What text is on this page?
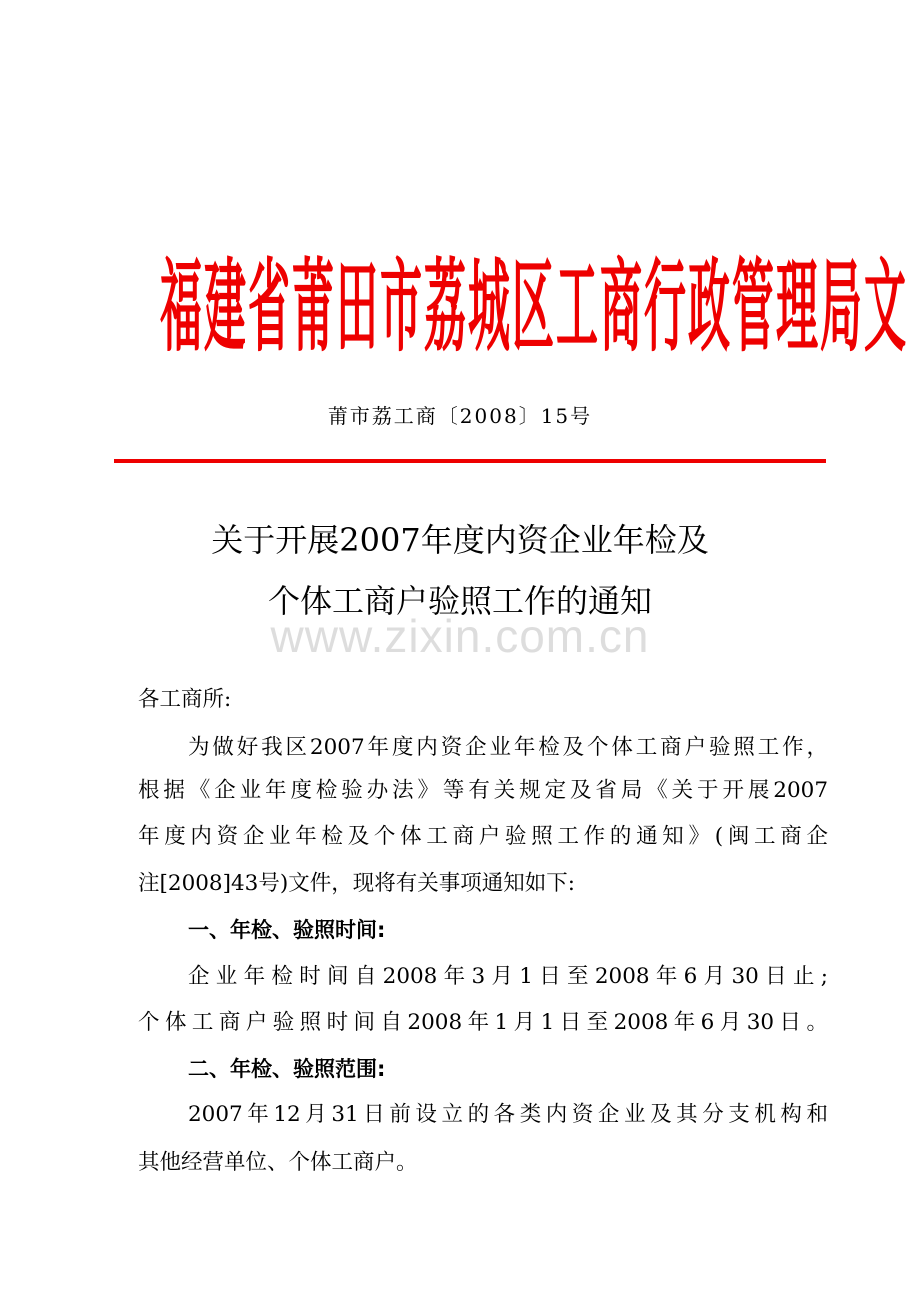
福建省莆田市荔城区工商行政管理局文
莆市荔工商〔2008〕15号
关于开展2007年度内资企业年检及
个体工商户验照工作的通知
www.zixin.com.cn
各工商所:
为做好我区2007年度内资企业年检及个体工商户验照工作，
根据《企业年度检验办法》等有关规定及省局《关于开展2007
年度内资企业年检及个体工商户验照工作的通知》(闽工商企
注[2008]43号)文件，现将有关事项通知如下:
一、年检、验照时间:
企业年检时间自2008年3月1日至2008年6月30日止;
个体工商户验照时间自2008年1月1日至2008年6月30日。
二、年检、验照范围:
2007年12月31日前设立的各类内资企业及其分支机构和
其他经营单位、个体工商户。
